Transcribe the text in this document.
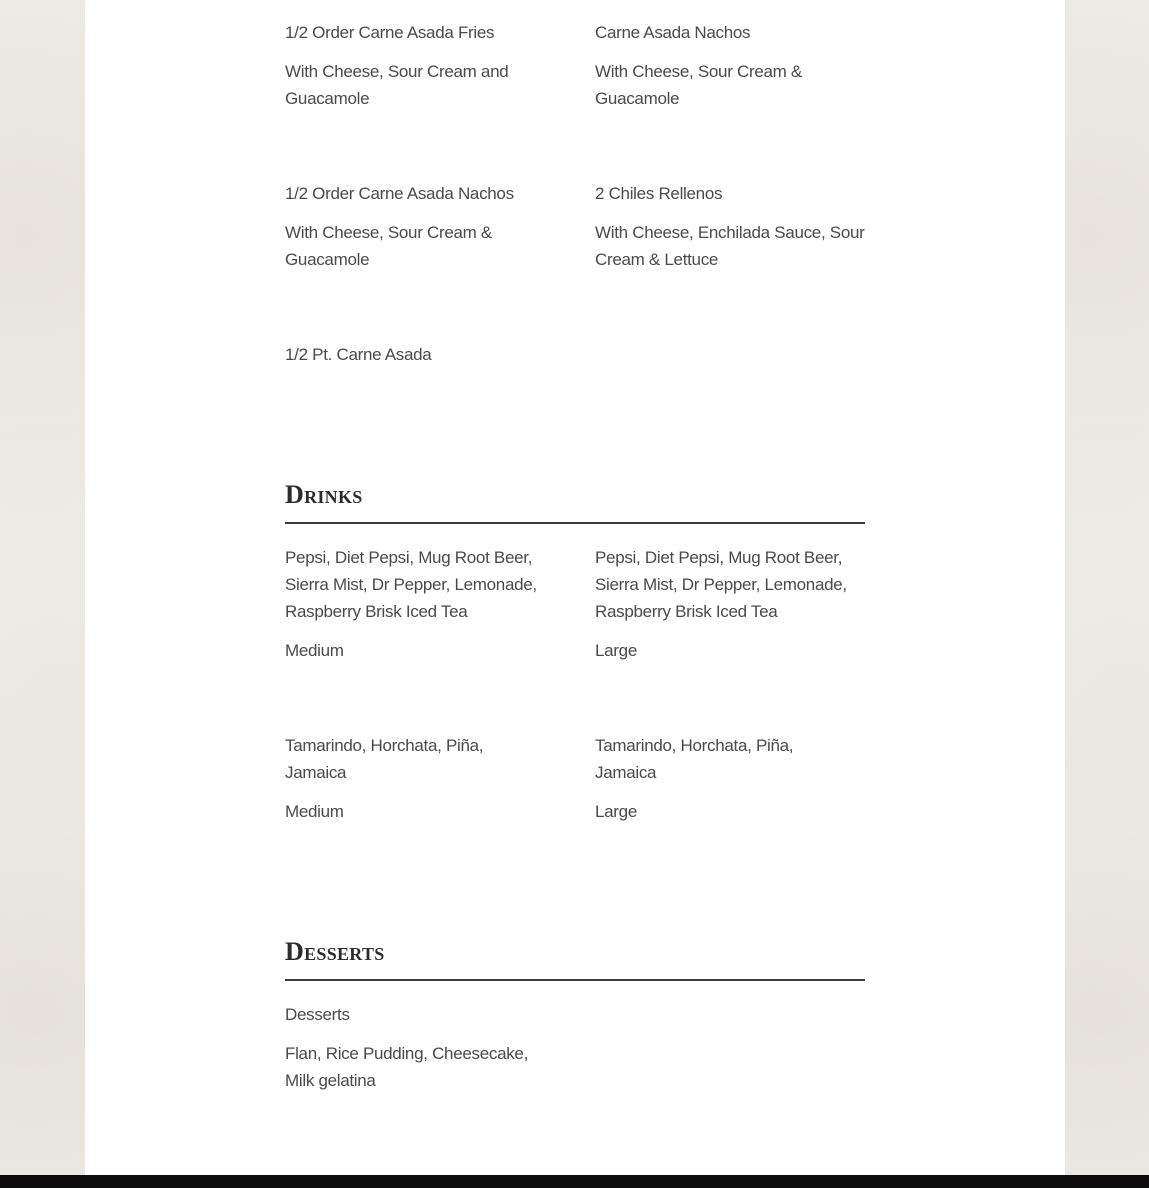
1/2 Order Carne Asada Fries

With Cheese, Sour Cream and Guacamole

Carne Asada Nachos

With Cheese, Sour Cream & Guacamole

1/2 Order Carne Asada Nachos

With Cheese, Sour Cream & Guacamole

2 Chiles Rellenos

With Cheese, Enchilada Sauce, Sour Cream & Lettuce

1/2 Pt. Carne Asada

Drinks

Pepsi, Diet Pepsi, Mug Root Beer, Sierra Mist, Dr Pepper, Lemonade, Raspberry Brisk Iced Tea

Medium

Pepsi, Diet Pepsi, Mug Root Beer, Sierra Mist, Dr Pepper, Lemonade, Raspberry Brisk Iced Tea

Large

Tamarindo, Horchata, Piña, Jamaica

Medium

Tamarindo, Horchata, Piña, Jamaica

Large

Desserts

Desserts

Flan, Rice Pudding, Cheesecake, Milk gelatina
